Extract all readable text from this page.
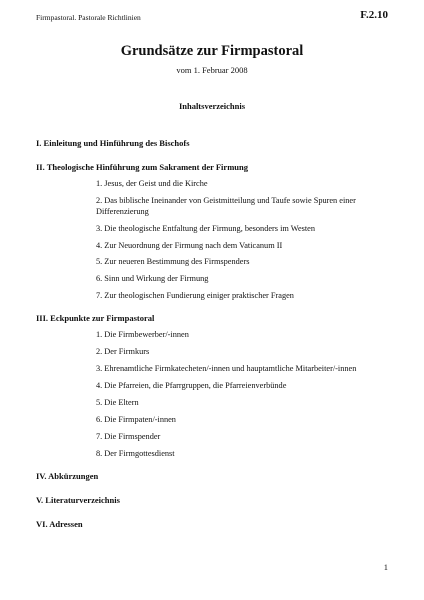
Firmpastoral. Pastorale Richtlinien	F.2.10
Grundsätze zur Firmpastoral
vom 1. Februar 2008
Inhaltsverzeichnis
I. Einleitung und Hinführung des Bischofs
II. Theologische Hinführung zum Sakrament der Firmung
1. Jesus, der Geist und die Kirche
2. Das biblische Ineinander von Geistmitteilung und Taufe sowie Spuren einer Differenzierung
3. Die theologische Entfaltung der Firmung, besonders im Westen
4. Zur Neuordnung der Firmung nach dem Vaticanum II
5. Zur neueren Bestimmung des Firmspenders
6. Sinn und Wirkung der Firmung
7. Zur theologischen Fundierung einiger praktischer Fragen
III. Eckpunkte zur Firmpastoral
1. Die Firmbewerber/-innen
2. Der Firmkurs
3. Ehrenamtliche Firmkatecheten/-innen und hauptamtliche Mitarbeiter/-innen
4. Die Pfarreien, die Pfarrgruppen, die Pfarreienverbünde
5. Die Eltern
6. Die Firmpaten/-innen
7. Die Firmspender
8. Der Firmgottesdienst
IV. Abkürzungen
V. Literaturverzeichnis
VI. Adressen
1
